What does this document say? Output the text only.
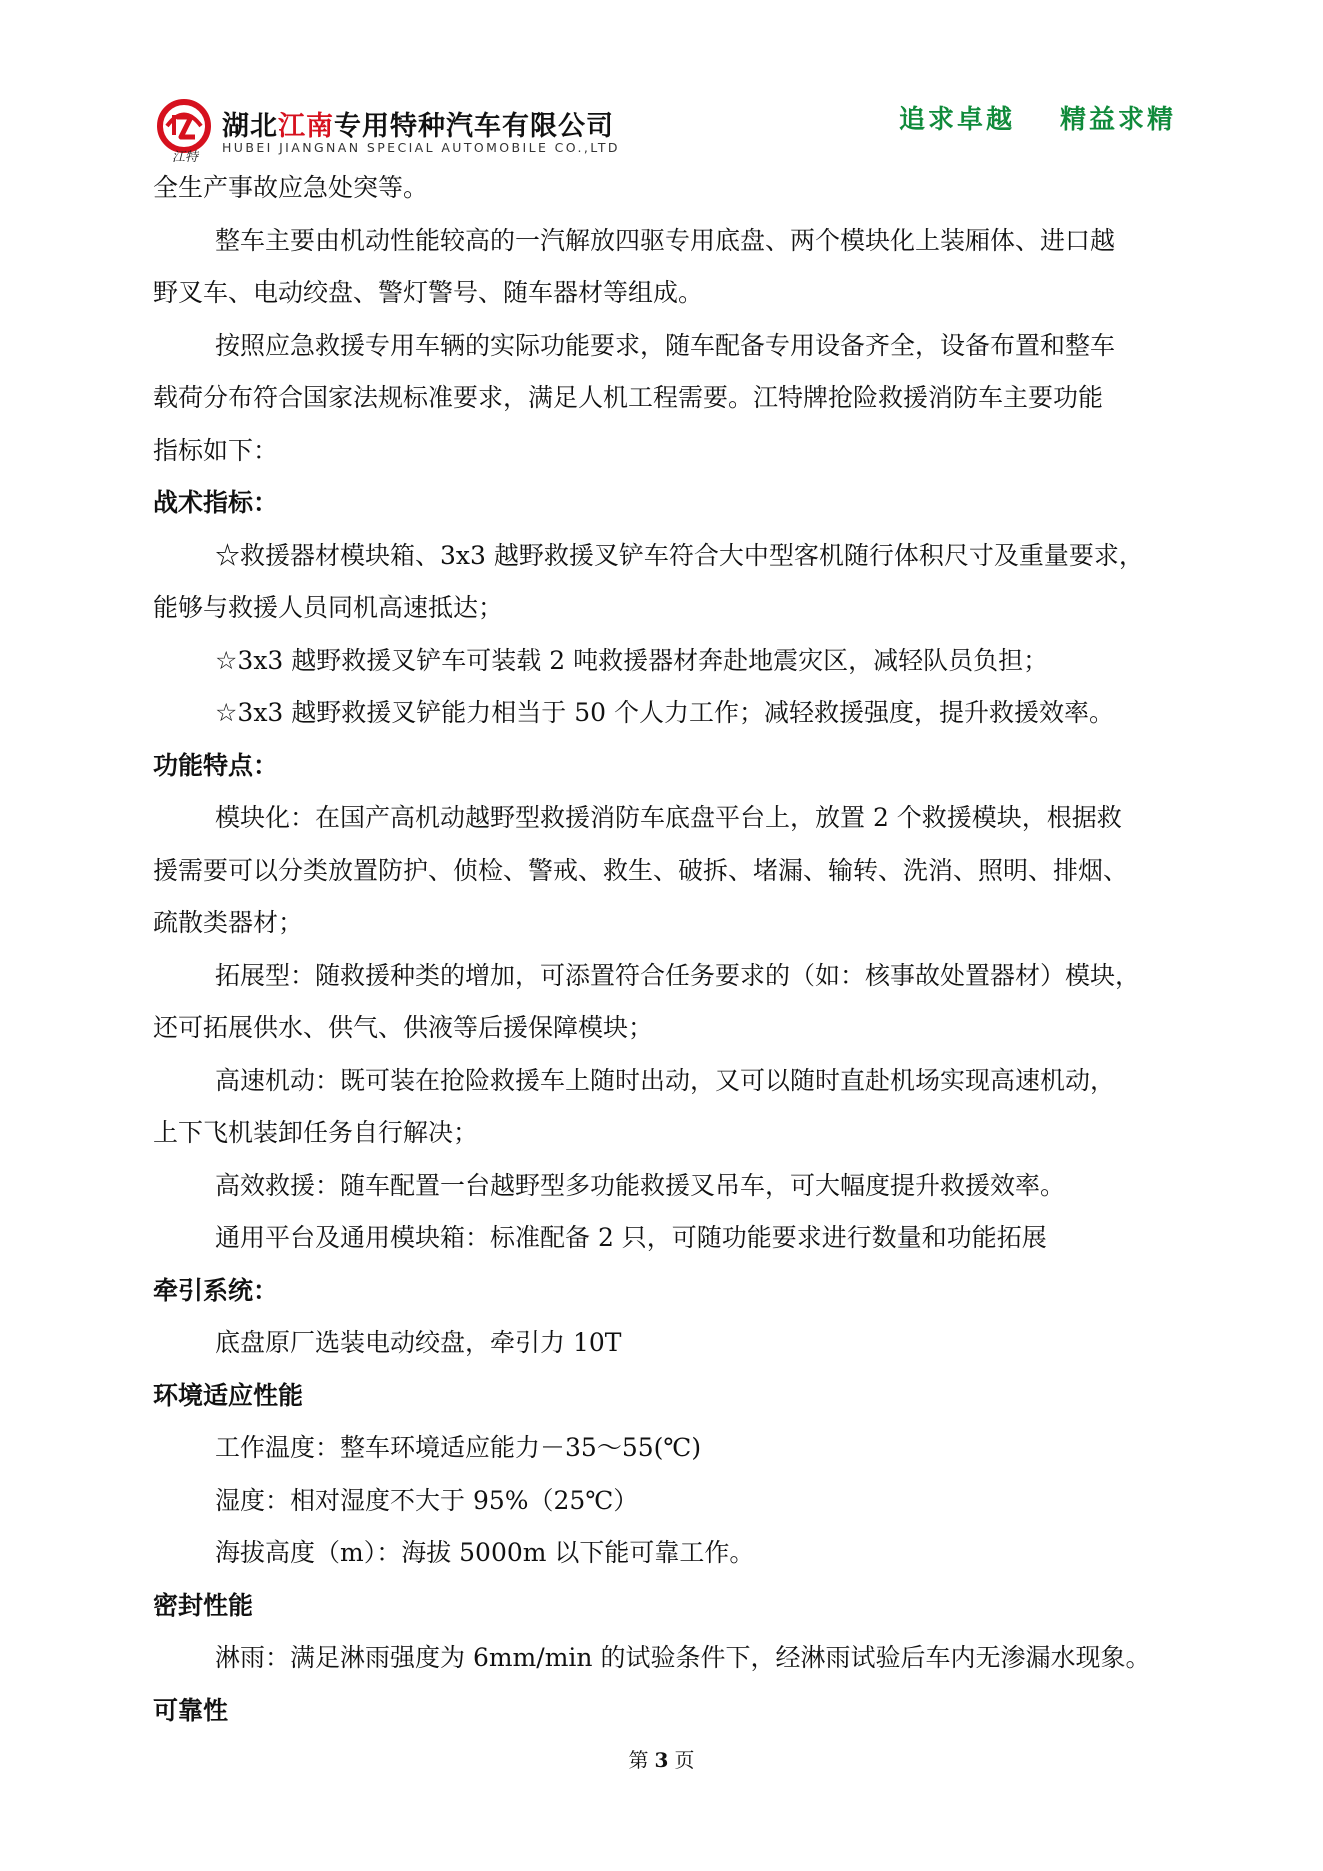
江特
湖北江南专用特种汽车有限公司
HUBEI JIANGNAN SPECIAL AUTOMOBILE CO.,LTD
追求卓越 精益求精
全生产事故应急处突等。
整车主要由机动性能较高的一汽解放四驱专用底盘、两个模块化上装厢体、进口越
野叉车、电动绞盘、警灯警号、随车器材等组成。
按照应急救援专用车辆的实际功能要求，随车配备专用设备齐全，设备布置和整车
载荷分布符合国家法规标准要求，满足人机工程需要。江特牌抢险救援消防车主要功能
指标如下：
战术指标：
☆救援器材模块箱、3x3 越野救援叉铲车符合大中型客机随行体积尺寸及重量要求，
能够与救援人员同机高速抵达；
☆3x3 越野救援叉铲车可装载 2 吨救援器材奔赴地震灾区，减轻队员负担；
☆3x3 越野救援叉铲能力相当于 50 个人力工作；减轻救援强度，提升救援效率。
功能特点：
模块化：在国产高机动越野型救援消防车底盘平台上，放置 2 个救援模块，根据救
援需要可以分类放置防护、侦检、警戒、救生、破拆、堵漏、输转、洗消、照明、排烟、
疏散类器材；
拓展型：随救援种类的增加，可添置符合任务要求的（如：核事故处置器材）模块，
还可拓展供水、供气、供液等后援保障模块；
高速机动：既可装在抢险救援车上随时出动，又可以随时直赴机场实现高速机动，
上下飞机装卸任务自行解决；
高效救援：随车配置一台越野型多功能救援叉吊车，可大幅度提升救援效率。
通用平台及通用模块箱：标准配备 2 只，可随功能要求进行数量和功能拓展
牵引系统：
底盘原厂选装电动绞盘，牵引力 10T
环境适应性能
工作温度：整车环境适应能力－35～55(℃)
湿度：相对湿度不大于 95%（25℃）
海拔高度（m）：海拔 5000m 以下能可靠工作。
密封性能
淋雨：满足淋雨强度为 6mm/min 的试验条件下，经淋雨试验后车内无渗漏水现象。
可靠性
第 3 页
